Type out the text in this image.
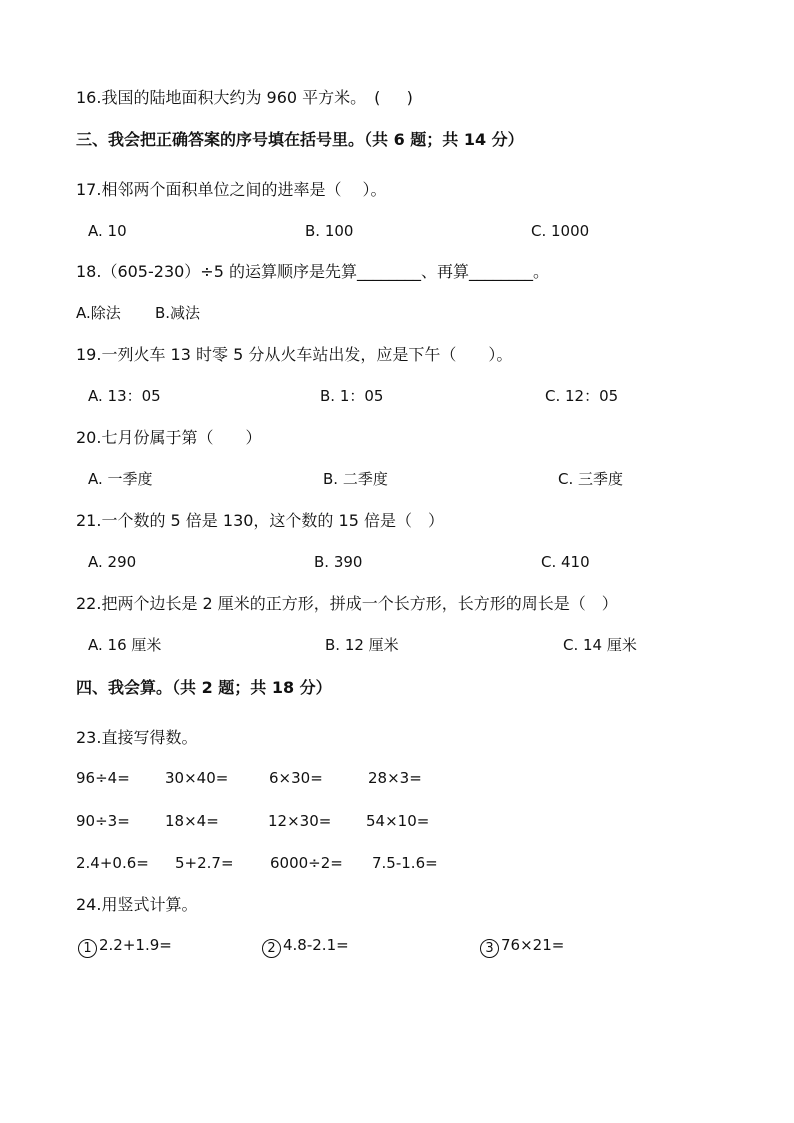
16.我国的陆地面积大约为 960 平方米。　( 　 )
三、我会把正确答案的序号填在括号里。（共 6 题；共 14 分）
17.相邻两个面积单位之间的进率是（　 ）。
A. 10	B. 100	C. 1000
18.（605-230）÷5 的运算顺序是先算________、再算________。
A.除法 B.减法
19.一列火车 13 时零 5 分从火车站出发，应是下午（　　）。
A. 13：05	B. 1：05	C. 12：05
20.七月份属于第（　　）
A. 一季度	B. 二季度	C. 三季度
21.一个数的 5 倍是 130，这个数的 15 倍是（　）
A. 290	B. 390	C. 410
22.把两个边长是 2 厘米的正方形，拼成一个长方形，长方形的周长是（　）
A. 16 厘米	B. 12 厘米	C. 14 厘米
四、我会算。（共 2 题；共 18 分）
23.直接写得数。
96÷4= 30×40=	6×30=	28×3=
90÷3= 18×4=	12×30= 54×10=
2.4+0.6= 5+2.7= 6000÷2= 7.5-1.6=
24.用竖式计算。
1 2.2+1.9=	2 4.8-2.1=	3 76×21=
